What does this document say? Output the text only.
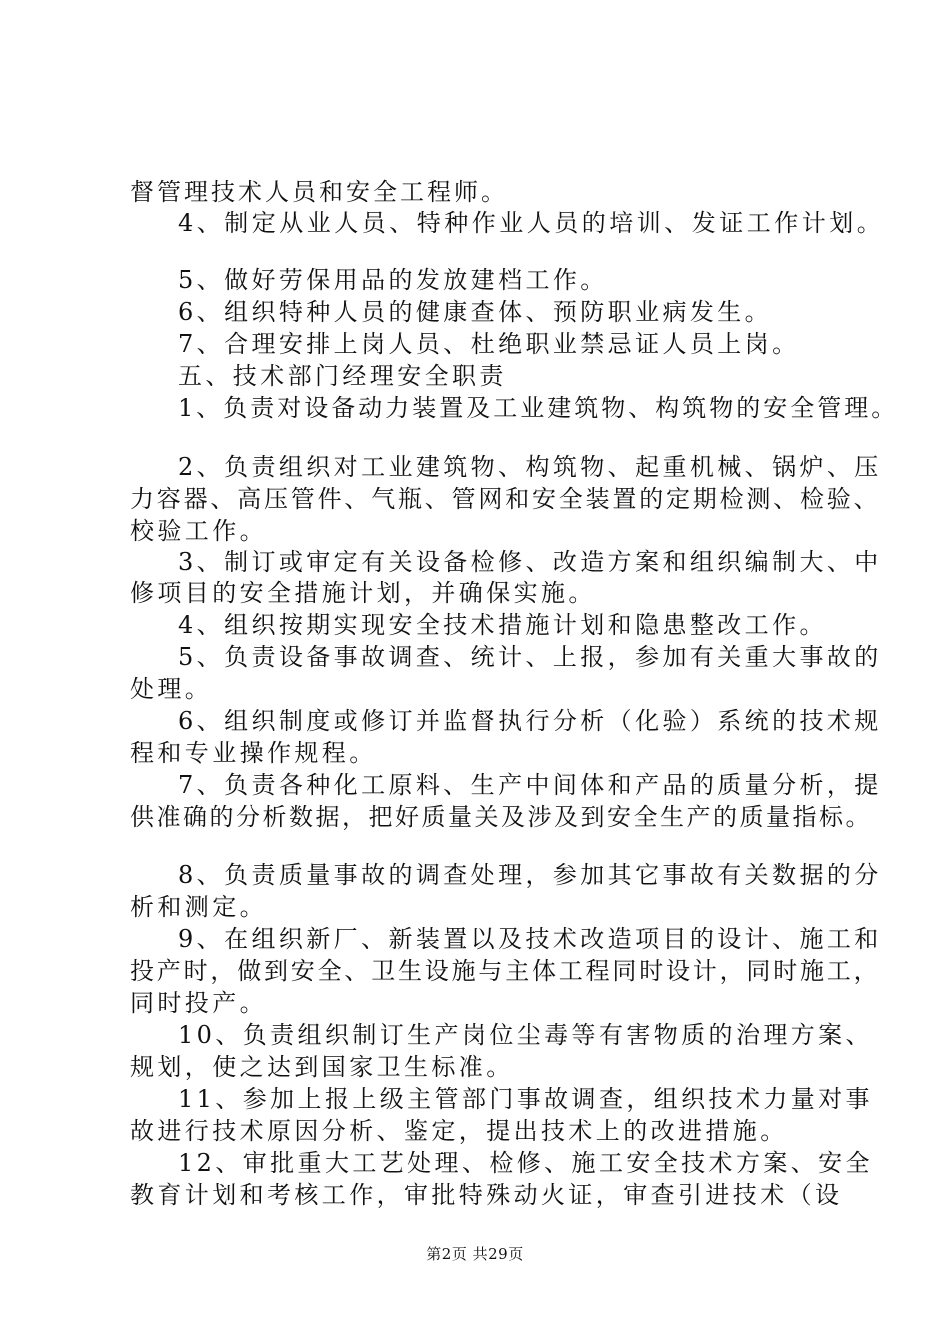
督管理技术人员和安全工程师。
4、制定从业人员、特种作业人员的培训、发证工作计划。
5、做好劳保用品的发放建档工作。
6、组织特种人员的健康查体、预防职业病发生。
7、合理安排上岗人员、杜绝职业禁忌证人员上岗。
五、技术部门经理安全职责
1、负责对设备动力装置及工业建筑物、构筑物的安全管理。
2、负责组织对工业建筑物、构筑物、起重机械、锅炉、压
力容器、高压管件、气瓶、管网和安全装置的定期检测、检验、
校验工作。
3、制订或审定有关设备检修、改造方案和组织编制大、中
修项目的安全措施计划，并确保实施。
4、组织按期实现安全技术措施计划和隐患整改工作。
5、负责设备事故调查、统计、上报，参加有关重大事故的
处理。
6、组织制度或修订并监督执行分析（化验）系统的技术规
程和专业操作规程。
7、负责各种化工原料、生产中间体和产品的质量分析，提
供准确的分析数据，把好质量关及涉及到安全生产的质量指标。
8、负责质量事故的调查处理，参加其它事故有关数据的分
析和测定。
9、在组织新厂、新装置以及技术改造项目的设计、施工和
投产时，做到安全、卫生设施与主体工程同时设计，同时施工，
同时投产。
10、负责组织制订生产岗位尘毒等有害物质的治理方案、
规划，使之达到国家卫生标准。
11、参加上报上级主管部门事故调查，组织技术力量对事
故进行技术原因分析、鉴定，提出技术上的改进措施。
12、审批重大工艺处理、检修、施工安全技术方案、安全
教育计划和考核工作，审批特殊动火证，审查引进技术（设
第2页 共29页
